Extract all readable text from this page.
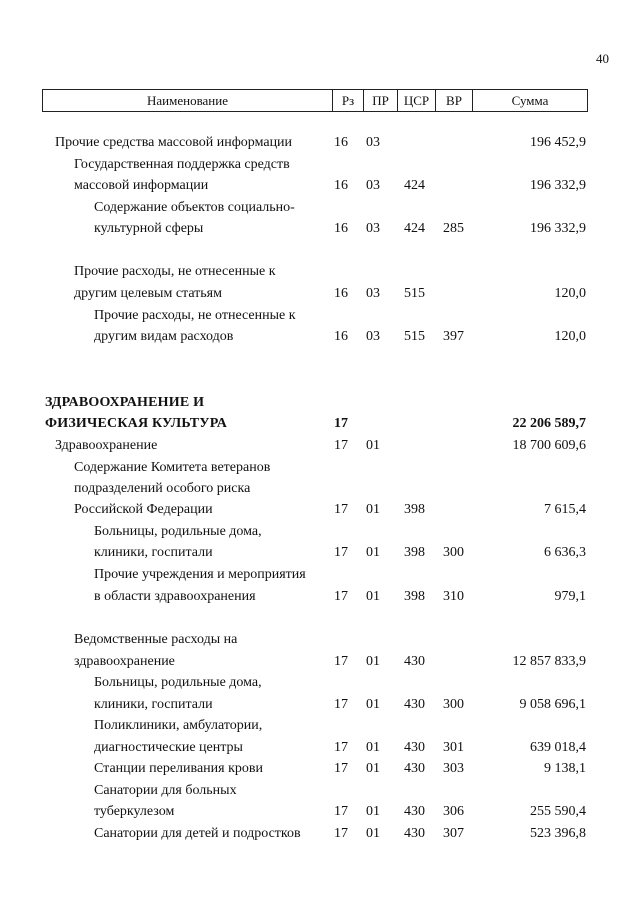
40
Наименование	Рз	ПР	ЦСР	ВР	Сумма
Прочие средства массовой информации	16 03	196 452,9
Государственная поддержка средств
массовой информации	16 03 424	196 332,9
Содержание объектов социально-
культурной сферы	16 03 424 285	196 332,9
Прочие расходы, не отнесенные к
другим целевым статьям	16 03 515	120,0
Прочие расходы, не отнесенные к
другим видам расходов	16 03 515 397	120,0
ЗДРАВООХРАНЕНИЕ И
ФИЗИЧЕСКАЯ КУЛЬТУРА	17	22 206 589,7
Здравоохранение	17 01	18 700 609,6
Содержание Комитета ветеранов
подразделений особого риска
Российской Федерации	17 01 398	7 615,4
Больницы, родильные дома,
клиники, госпитали	17 01 398 300	6 636,3
Прочие учреждения и мероприятия
в области здравоохранения	17 01 398 310	979,1
Ведомственные расходы на
здравоохранение	17 01 430	12 857 833,9
Больницы, родильные дома,
клиники, госпитали	17 01 430 300	9 058 696,1
Поликлиники, амбулатории,
диагностические центры	17 01 430 301	639 018,4
Станции переливания крови	17 01 430 303	9 138,1
Санатории для больных
туберкулезом	17 01 430 306	255 590,4
Санатории для детей и подростков 17 01 430 307	523 396,8
